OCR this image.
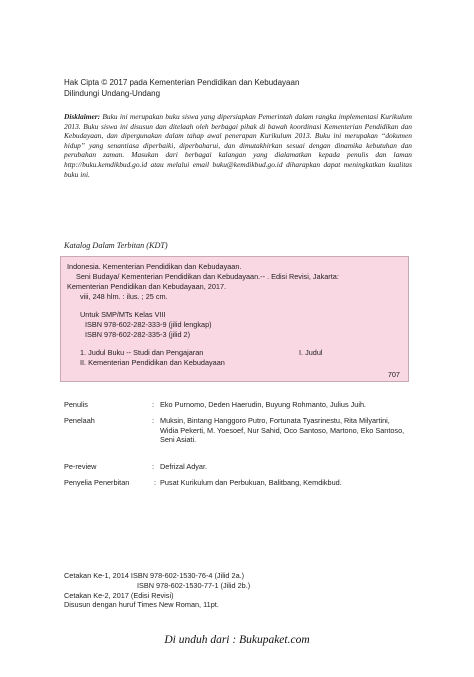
Hak Cipta © 2017 pada Kementerian Pendidikan dan Kebudayaan
Dilindungi Undang-Undang
Disklaimer: Buku ini merupakan buku siswa yang dipersiapkan Pemerintah dalam rangka implementasi Kurikulum 2013. Buku siswa ini disusun dan ditelaah oleh berbagai pihak di bawah koordinasi Kementerian Pendidikan dan Kebudayaan, dan dipergunakan dalam tahap awal penerapan Kurikulum 2013. Buku ini merupakan “dokumen hidup” yang senantiasa diperbaiki, diperbaharui, dan dimutakhirkan sesuai dengan dinamika kebutuhan dan perubahan zaman. Masukan dari berbagai kalangan yang dialamatkan kepada penulis dan laman http://buku.kemdikbud.go.id atau melalui email buku@kemdikbud.go.id diharapkan dapat meningkatkan kualitas buku ini.
Katalog Dalam Terbitan (KDT)
Indonesia. Kementerian Pendidikan dan Kebudayaan.
Seni Budaya/ Kementerian Pendidikan dan Kebudayaan.-- . Edisi Revisi, Jakarta:
Kementerian Pendidikan dan Kebudayaan, 2017.
viii, 248 hlm. : ilus. ; 25 cm.
Untuk SMP/MTs Kelas VIII
ISBN 978-602-282-333-9 (jilid lengkap)
ISBN 978-602-282-335-3 (jilid 2)
1. Judul Buku -- Studi dan Pengajaran	I. Judul
II. Kementerian Pendidikan dan Kebudayaan
707
Penulis	: Eko Purnomo, Deden Haerudin, Buyung Rohmanto, Julius Juih.
Penelaah	: Muksin, Bintang Hanggoro Putro, Fortunata Tyasrinestu, Rita Milyartini, Widia Pekerti, M. Yoesoef, Nur Sahid, Oco Santoso, Martono, Eko Santoso, Seni Asiati.
Pe-review	: Defrizal Adyar.
Penyelia Penerbitan	: Pusat Kurikulum dan Perbukuan, Balitbang, Kemdikbud.
Cetakan Ke-1, 2014 ISBN 978-602-1530-76-4 (Jilid 2a.)
ISBN 978-602-1530-77-1 (Jilid 2b.)
Cetakan Ke-2, 2017 (Edisi Revisi)
Disusun dengan huruf Times New Roman, 11pt.
Di unduh dari : Bukupaket.com
